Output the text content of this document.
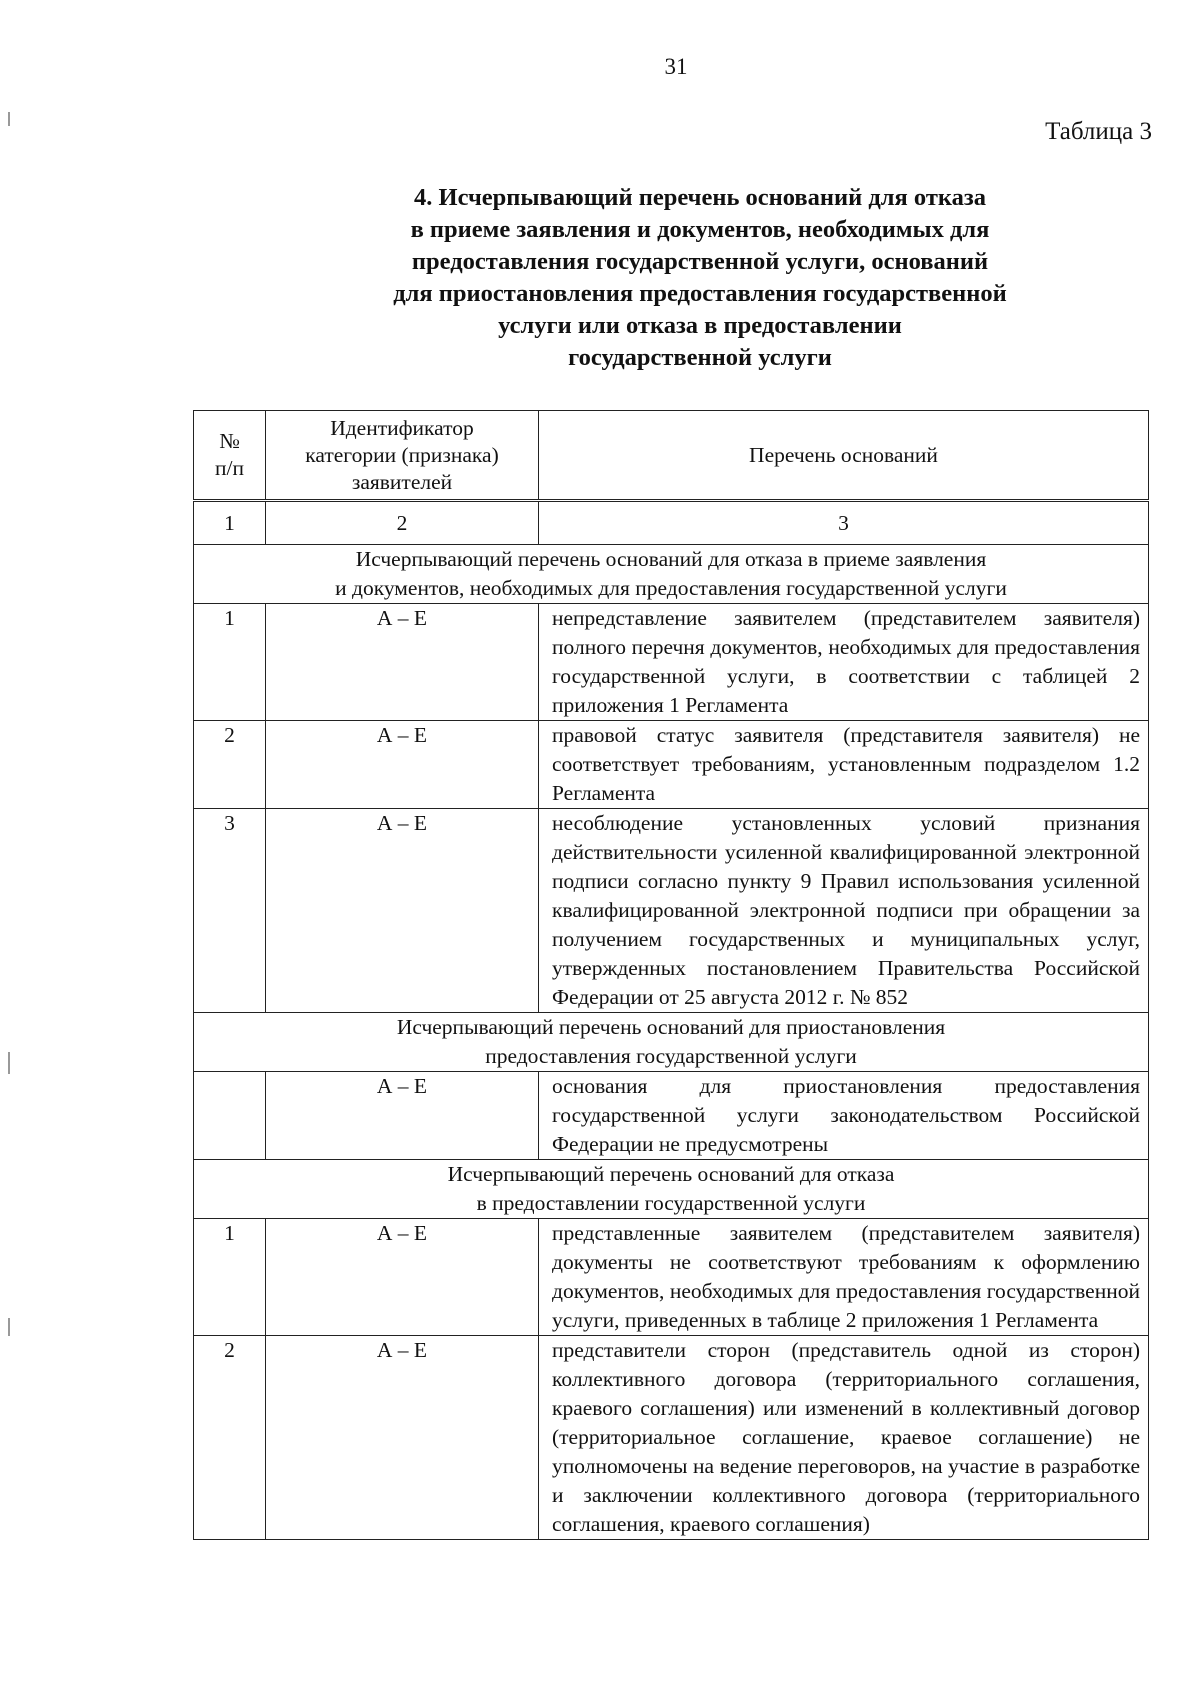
31
Таблица 3
4. Исчерпывающий перечень оснований для отказа
в приеме заявления и документов, необходимых для
предоставления государственной услуги, оснований
для приостановления предоставления государственной
услуги или отказа в предоставлении
государственной услуги
№ п/п	Идентификатор категории (признака) заявителей	Перечень оснований
1	2	3

Исчерпывающий перечень оснований для отказа в приеме заявления
и документов, необходимых для предоставления государственной услуги		

1	А – Е	непредставление заявителем (представителем заявителя) полного перечня документов, необходимых для предоставления государственной услуги, в соответствии с таблицей 2 приложения 1 Регламента
2	А – Е	правовой статус заявителя (представителя заявителя) не соответствует требованиям, установленным подразделом 1.2 Регламента
3	А – Е	несоблюдение установленных условий признания действительности усиленной квалифицированной электронной подписи согласно пункту 9 Правил использования усиленной квалифицированной электронной подписи при обращении за получением государственных и муниципальных услуг, утвержденных постановлением Правительства Российской Федерации от 25 августа 2012 г. № 852

Исчерпывающий перечень оснований для приостановления
предоставления государственной услуги		

	А – Е	основания для приостановления предоставления государственной услуги законодательством Российской Федерации не предусмотрены

Исчерпывающий перечень оснований для отказа
в предоставлении государственной услуги		

1	А – Е	представленные заявителем (представителем заявителя) документы не соответствуют требованиям к оформлению документов, необходимых для предоставления государственной услуги, приведенных в таблице 2 приложения 1 Регламента
2	А – Е	представители сторон (представитель одной из сторон) коллективного договора (территориального соглашения, краевого соглашения) или изменений в коллективный договор (территориальное соглашение, краевое соглашение) не уполномочены на ведение переговоров, на участие в разработке и заключении коллективного договора (территориального соглашения, краевого соглашения)
